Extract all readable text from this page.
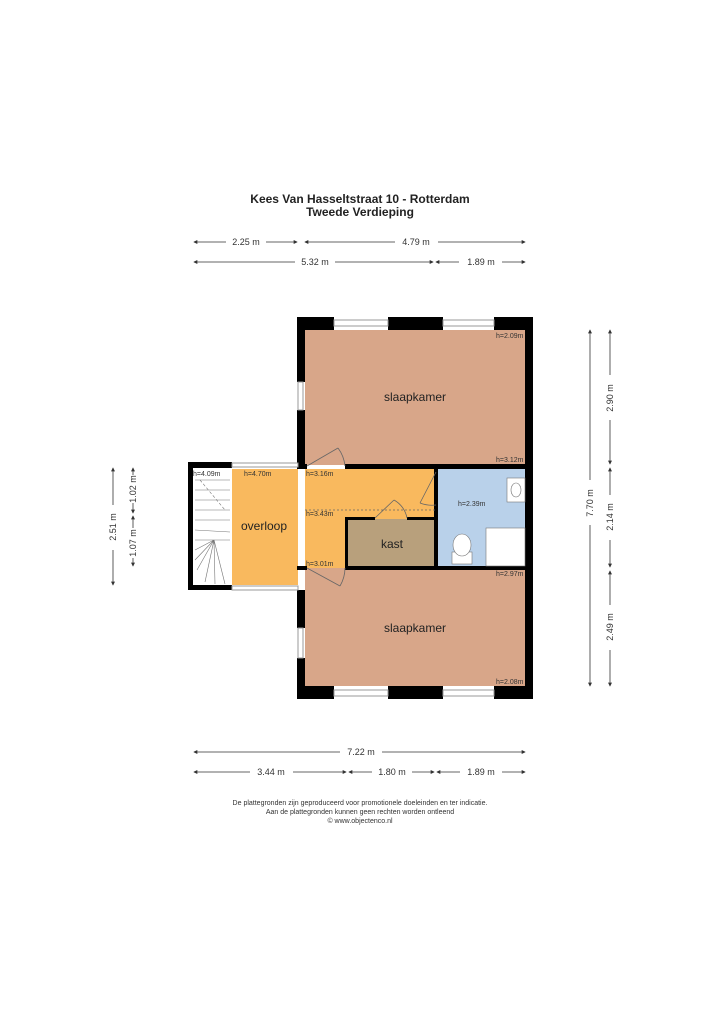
Kees Van Hasseltstraat 10 - Rotterdam
Tweede Verdieping
2.25 m	4.79 m
5.32 m	1.89 m
slaapkamer
slaapkamer
overloop
kast
h=2.09m
h=3.12m
h=4.09m	h=4.70m	h=3.16m
h=3.43m
h=3.01m
h=2.39m
h=2.97m
h=2.08m
7.70 m
2.90 m
2.14 m
2.49 m
2.51 m
1.02 m
1.07 m
7.22 m
3.44 m	1.80 m	1.89 m
De plattegronden zijn geproduceerd voor promotionele doeleinden en ter indicatie.
Aan de plattegronden kunnen geen rechten worden ontleend
© www.objectenco.nl
